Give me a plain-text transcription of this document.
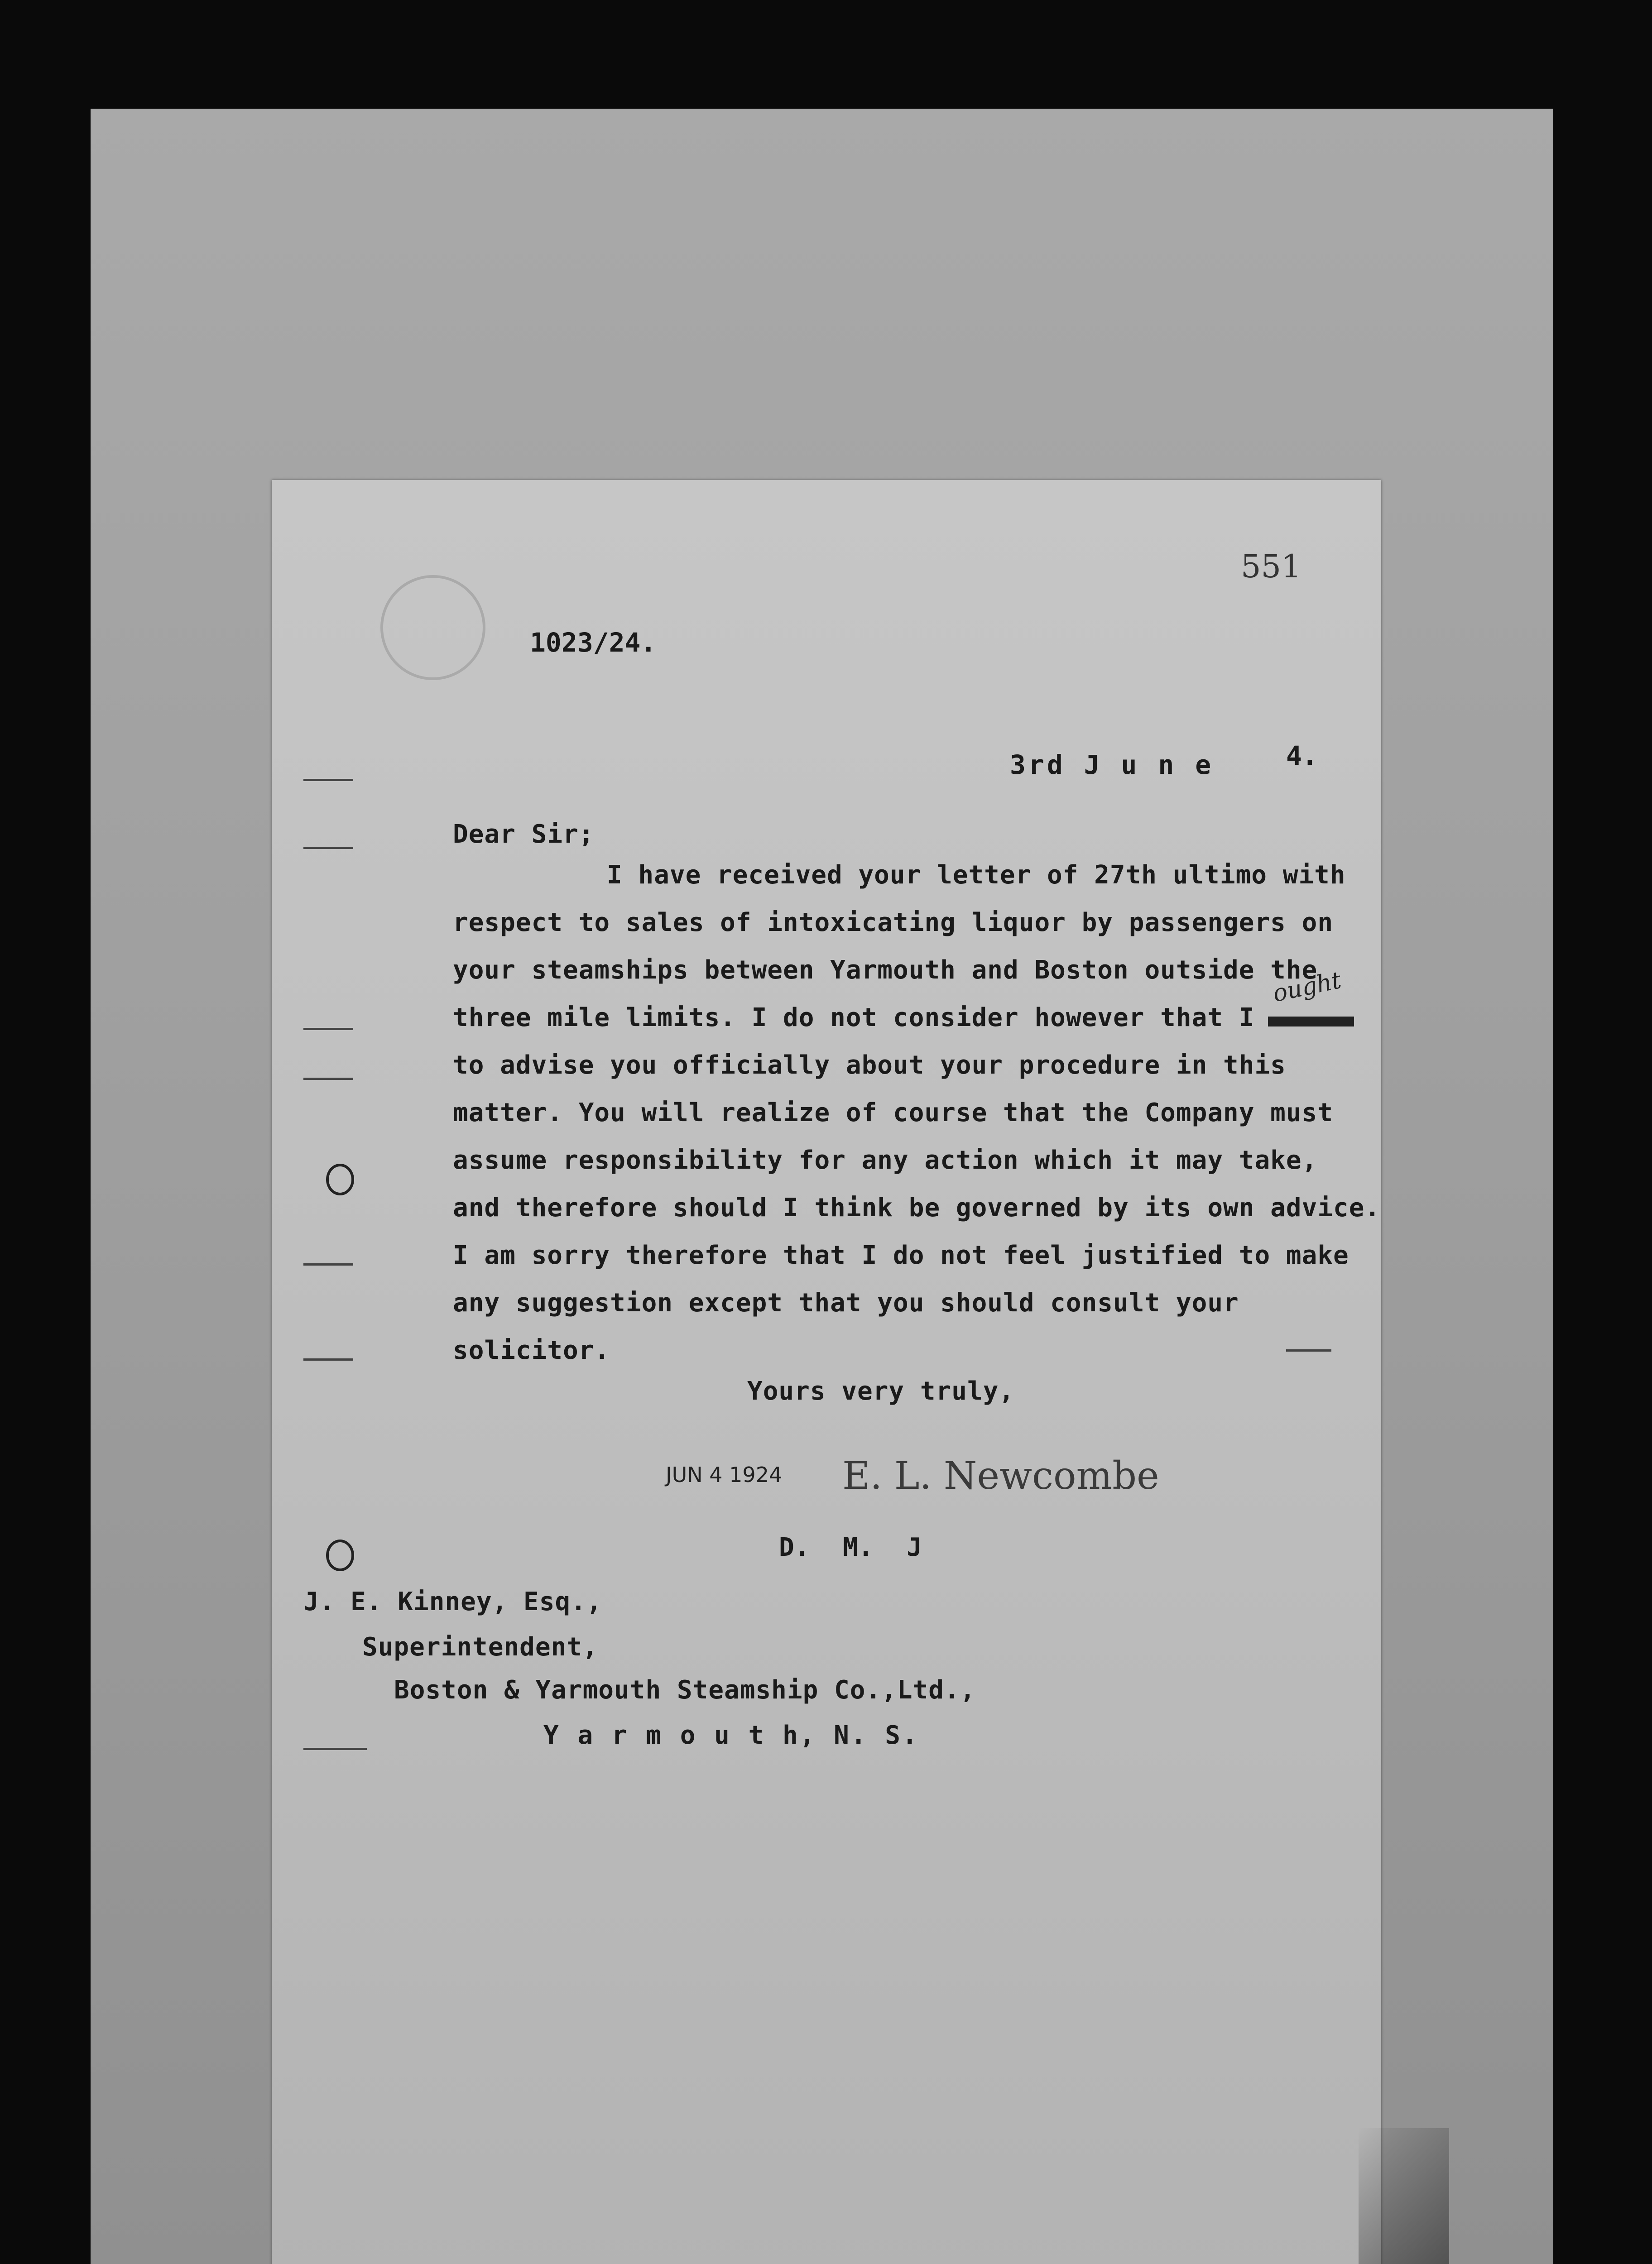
551
1023/24.
3rd J u n e	4.
Dear Sir;
I have received your letter of 27th ultimo with
respect to sales of intoxicating liquor by passengers on
your steamships between Yarmouth and Boston outside the
three mile limits. I do not consider however that I
ought
to advise you officially about your procedure in this
matter. You will realize of course that the Company must
assume responsibility for any action which it may take,
and therefore should I think be governed by its own advice.
I am sorry therefore that I do not feel justified to make
any suggestion except that you should consult your
solicitor.
Yours very truly,
JUN 4 1924 E. L. Newcombe
D. M. J
J. E. Kinney, Esq.,
Superintendent,
Boston & Yarmouth Steamship Co.,Ltd.,
Y a r m o u t h, N. S.
